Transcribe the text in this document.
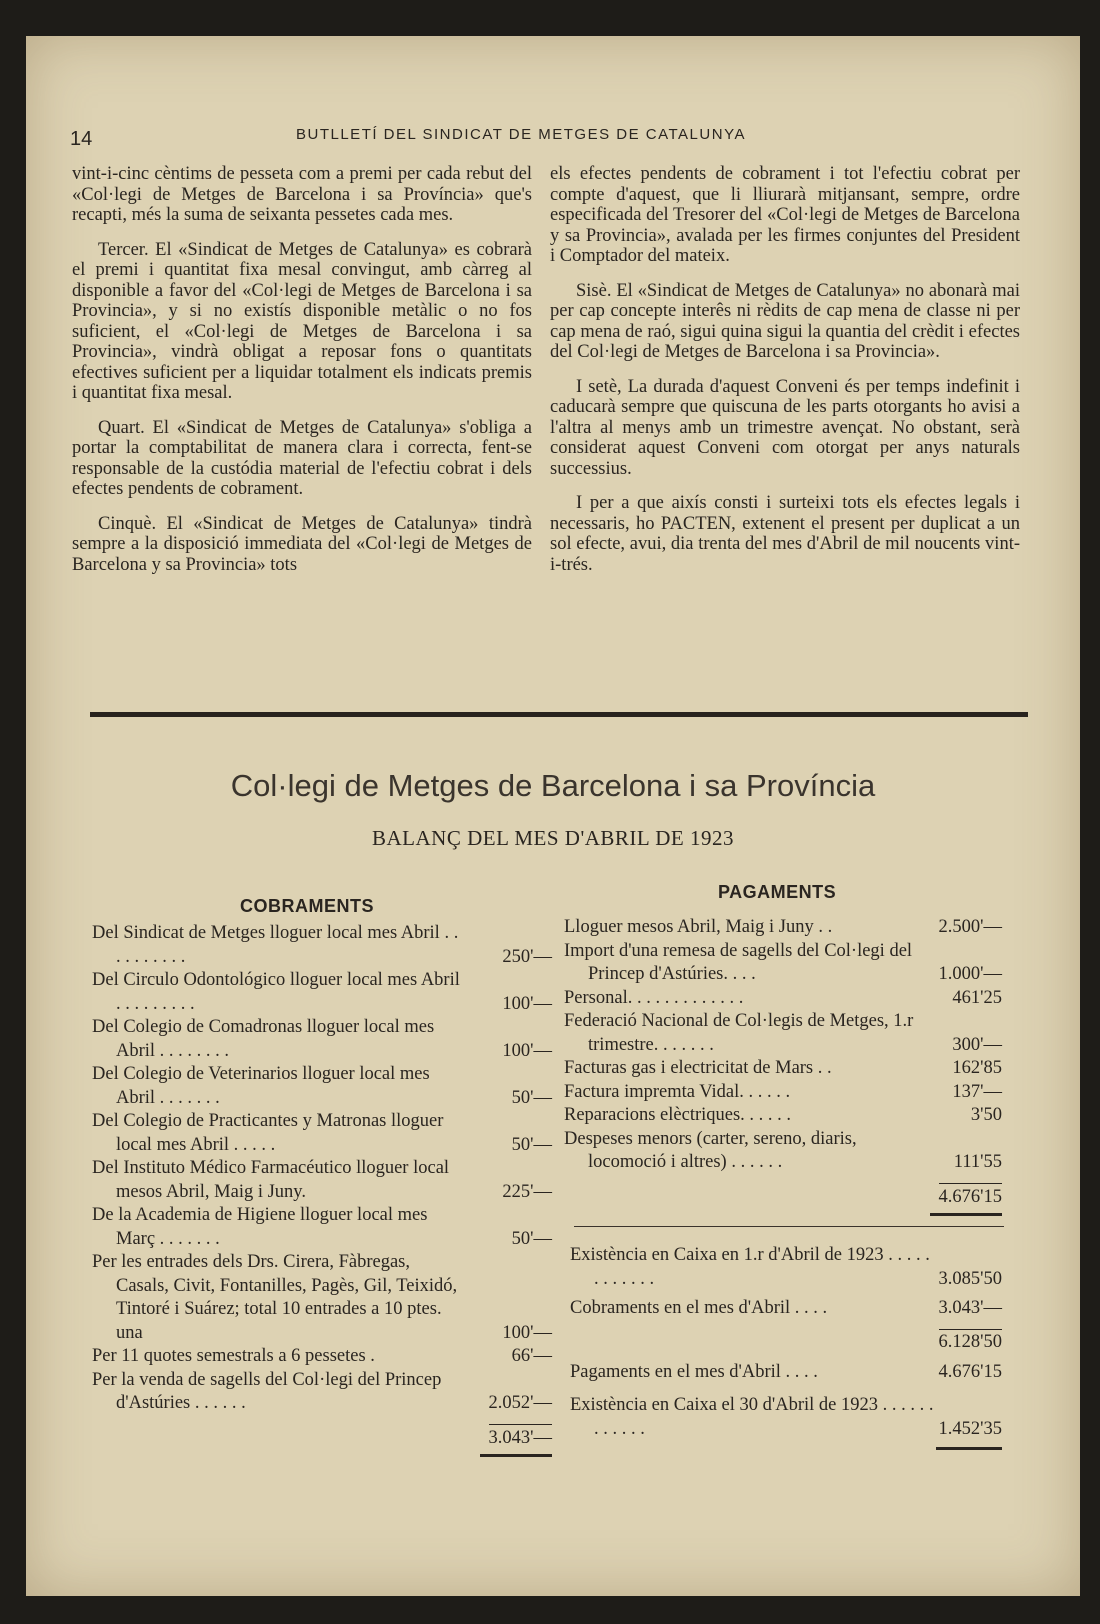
14	BUTLLETÍ DEL SINDICAT DE METGES DE CATALUNYA

vint-i-cinc cèntims de pesseta com a premi per cada rebut del «Col·legi de Metges de Barcelona i sa Província» que's recapti, més la suma de seixanta pessetes cada mes.

Tercer. El «Sindicat de Metges de Catalunya» es cobrarà el premi i quantitat fixa mesal convingut, amb càrreg al disponible a favor del «Col·legi de Metges de Barcelona i sa Provincia», y si no existís disponible metàlic o no fos suficient, el «Col·legi de Metges de Barcelona i sa Provincia», vindrà obligat a reposar fons o quantitats efectives suficient per a liquidar totalment els indicats premis i quantitat fixa mesal.

Quart. El «Sindicat de Metges de Catalunya» s'obliga a portar la comptabilitat de manera clara i correcta, fent-se responsable de la custódia material de l'efectiu cobrat i dels efectes pendents de cobrament.

Cinquè. El «Sindicat de Metges de Catalunya» tindrà sempre a la disposició immediata del «Col·legi de Metges de Barcelona y sa Provincia» tots

els efectes pendents de cobrament i tot l'efectiu cobrat per compte d'aquest, que li lliurarà mitjansant, sempre, ordre especificada del Tresorer del «Col·legi de Metges de Barcelona y sa Provincia», avalada per les firmes conjuntes del President i Comptador del mateix.

Sisè. El «Sindicat de Metges de Catalunya» no abonarà mai per cap concepte interês ni rèdits de cap mena de classe ni per cap mena de raó, sigui quina sigui la quantia del crèdit i efectes del Col·legi de Metges de Barcelona i sa Provincia».

I setè, La durada d'aquest Conveni és per temps indefinit i caducarà sempre que quiscuna de les parts otorgants ho avisi a l'altra al menys amb un trimestre avençat. No obstant, serà considerat aquest Conveni com otorgat per anys naturals successius.

I per a que aixís consti i surteixi tots els efectes legals i necessaris, ho PACTEN, extenent el present per duplicat a un sol efecte, avui, dia trenta del mes d'Abril de mil noucents vint-i-trés.

Col·legi de Metges de Barcelona i sa Província
BALANÇ DEL MES D'ABRIL DE 1923
COBRAMENTS
PAGAMENTS
Del Sindicat de Metges lloguer local mes Abril . . . . . . . . . .	250'—
Del Circulo Odontológico lloguer local mes Abril . . . . . . . . .	100'—
Del Colegio de Comadronas lloguer local mes Abril . . . . . . . .	100'—
Del Colegio de Veterinarios lloguer local mes Abril . . . . . . .	50'—
Del Colegio de Practicantes y Matronas lloguer local mes Abril . . . . .	50'—
Del Instituto Médico Farmacéutico lloguer local mesos Abril, Maig i Juny.	225'—
De la Academia de Higiene lloguer local mes Març . . . . . . .	50'—
Per les entrades dels Drs. Cirera, Fàbregas, Casals, Civit, Fontanilles, Pagès, Gil, Teixidó, Tintoré i Suárez; total 10 entrades a 10 ptes. una	100'—
Per 11 quotes semestrals a 6 pessetes .	66'—
Per la venda de sagells del Col·legi del Princep d'Astúries . . . . . .	2.052'—
3.043'—
Lloguer mesos Abril, Maig i Juny . .	2.500'—
Import d'una remesa de sagells del Col·legi del Princep d'Astúries. . . .	1.000'—
Personal. . . . . . . . . . . . .	461'25
Federació Nacional de Col·legis de Metges, 1.r trimestre. . . . . . .	300'—
Facturas gas i electricitat de Mars . .	162'85
Factura impremta Vidal. . . . . .	137'—
Reparacions elèctriques. . . . . .	3'50
Despeses menors (carter, sereno, diaris, locomoció i altres) . . . . . .	111'55
4.676'15
Existència en Caixa en 1.r d'Abril de 1923 . . . . . . . . . . . .	3.085'50
Cobraments en el mes d'Abril . . . .	3.043'—
6.128'50
Pagaments en el mes d'Abril . . . .	4.676'15
Existència en Caixa el 30 d'Abril de 1923 . . . . . . . . . . . .	1.452'35
